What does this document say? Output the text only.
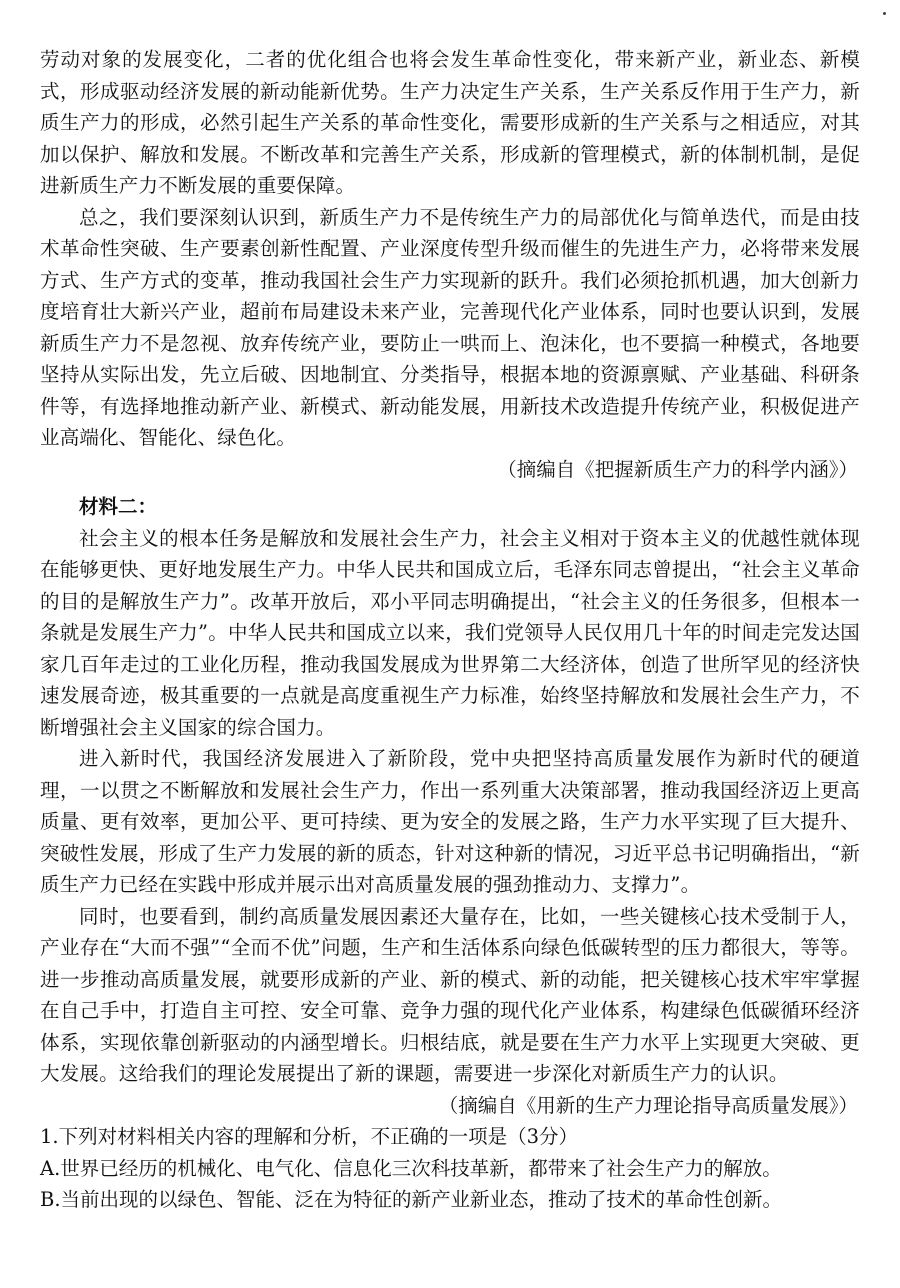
劳动对象的发展变化，二者的优化组合也将会发生革命性变化，带来新产业，新业态、新模式，形成驱动经济发展的新动能新优势。生产力决定生产关系，生产关系反作用于生产力，新质生产力的形成，必然引起生产关系的革命性变化，需要形成新的生产关系与之相适应，对其加以保护、解放和发展。不断改革和完善生产关系，形成新的管理模式，新的体制机制，是促进新质生产力不断发展的重要保障。

总之，我们要深刻认识到，新质生产力不是传统生产力的局部优化与简单迭代，而是由技术革命性突破、生产要素创新性配置、产业深度传型升级而催生的先进生产力，必将带来发展方式、生产方式的变革，推动我国社会生产力实现新的跃升。我们必须抢抓机遇，加大创新力度培育壮大新兴产业，超前布局建设未来产业，完善现代化产业体系，同时也要认识到，发展新质生产力不是忽视、放弃传统产业，要防止一哄而上、泡沫化，也不要搞一种模式，各地要坚持从实际出发，先立后破、因地制宜、分类指导，根据本地的资源禀赋、产业基础、科研条件等，有选择地推动新产业、新模式、新动能发展，用新技术改造提升传统产业，积极促进产业高端化、智能化、绿色化。

（摘编自《把握新质生产力的科学内涵》）

材料二：

社会主义的根本任务是解放和发展社会生产力，社会主义相对于资本主义的优越性就体现在能够更快、更好地发展生产力。中华人民共和国成立后，毛泽东同志曾提出，“社会主义革命的目的是解放生产力”。改革开放后，邓小平同志明确提出，“社会主义的任务很多，但根本一条就是发展生产力”。中华人民共和国成立以来，我们党领导人民仅用几十年的时间走完发达国家几百年走过的工业化历程，推动我国发展成为世界第二大经济体，创造了世所罕见的经济快速发展奇迹，极其重要的一点就是高度重视生产力标准，始终坚持解放和发展社会生产力，不断增强社会主义国家的综合国力。

进入新时代，我国经济发展进入了新阶段，党中央把坚持高质量发展作为新时代的硬道理，一以贯之不断解放和发展社会生产力，作出一系列重大决策部署，推动我国经济迈上更高质量、更有效率，更加公平、更可持续、更为安全的发展之路，生产力水平实现了巨大提升、突破性发展，形成了生产力发展的新的质态，针对这种新的情况，习近平总书记明确指出，“新质生产力已经在实践中形成并展示出对高质量发展的强劲推动力、支撑力”。

同时，也要看到，制约高质量发展因素还大量存在，比如，一些关键核心技术受制于人，产业存在“大而不强”“全而不优”问题，生产和生活体系向绿色低碳转型的压力都很大，等等。进一步推动高质量发展，就要形成新的产业、新的模式、新的动能，把关键核心技术牢牢掌握在自己手中，打造自主可控、安全可靠、竞争力强的现代化产业体系，构建绿色低碳循环经济体系，实现依靠创新驱动的内涵型增长。归根结底，就是要在生产力水平上实现更大突破、更大发展。这给我们的理论发展提出了新的课题，需要进一步深化对新质生产力的认识。

（摘编自《用新的生产力理论指导高质量发展》）

1.下列对材料相关内容的理解和分析，不正确的一项是（3分）

A.世界已经历的机械化、电气化、信息化三次科技革新，都带来了社会生产力的解放。

B.当前出现的以绿色、智能、泛在为特征的新产业新业态，推动了技术的革命性创新。
